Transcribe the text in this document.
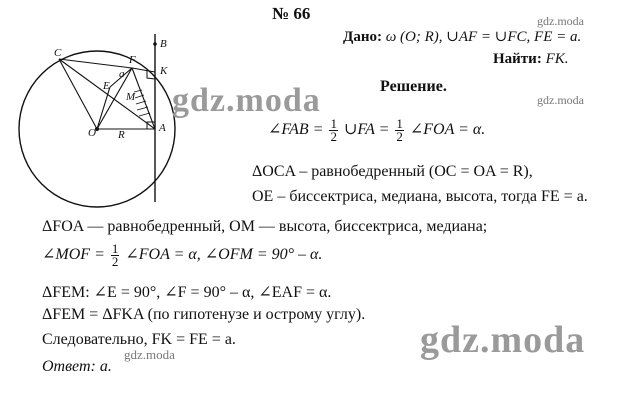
№ 66	gdz.moda
Дано: ω (O; R), ∪AF = ∪FC, FE = a.
Найти: FK.
gdz.moda
Решение.
C
F
B
K
a
E
M
O R
A
gdz.moda
∠FAB = $\frac{1}{2}$ ∪FA = $\frac{1}{2}$ ∠FOA = α.
ΔOCA – равнобедренный (OC = OA = R),
OE – биссектриса, медиана, высота, тогда FE = a.
ΔFOA — равнобедренный, OM — высота, биссектриса, медиана;
∠MOF = $\frac{1}{2}$ ∠FOA = α, ∠OFM = 90° – α.
ΔFEM: ∠E = 90°, ∠F = 90° – α, ∠EAF = α.
ΔFEM = ΔFKA (по гипотенузе и острому углу).
gdz.moda
Следовательно, FK = FE = a.
gdz.moda
Ответ: a.
